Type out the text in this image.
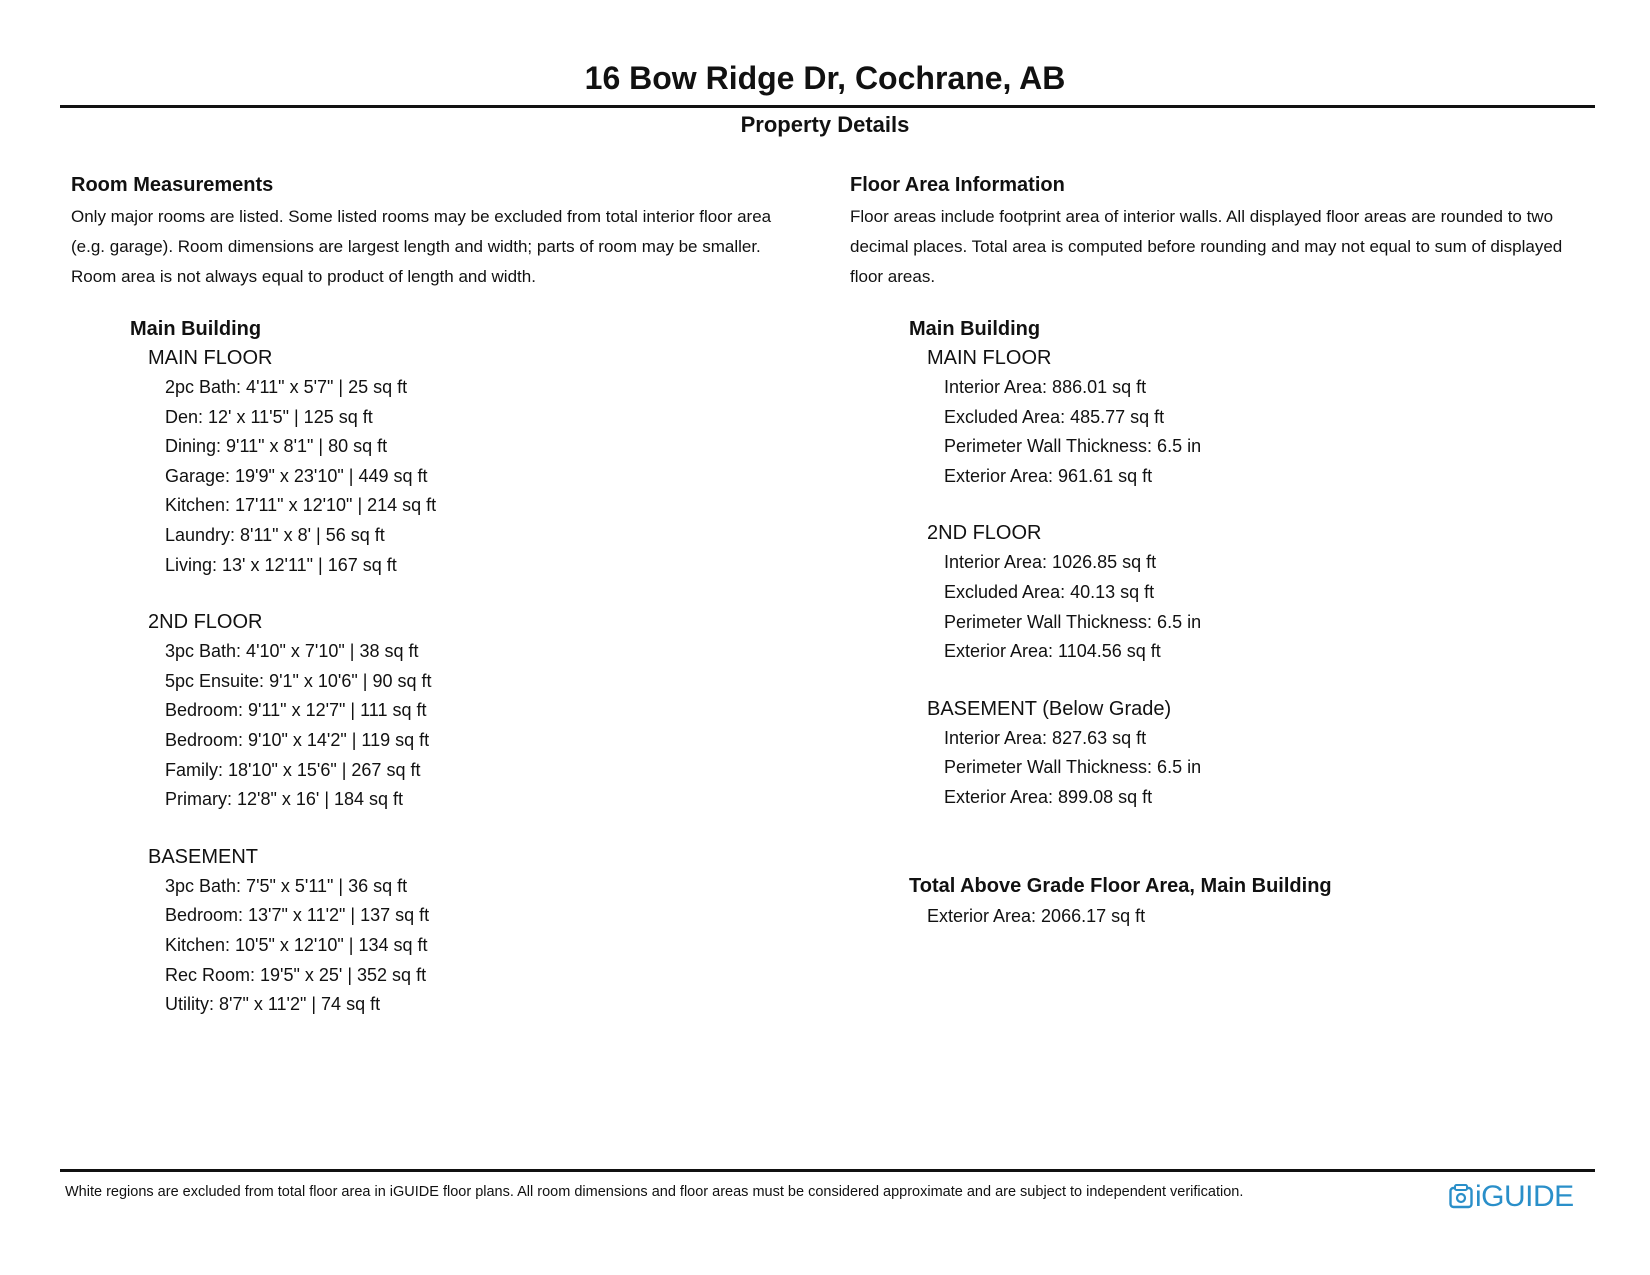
16 Bow Ridge Dr, Cochrane, AB
Property Details
Room Measurements
Only major rooms are listed. Some listed rooms may be excluded from total interior floor area
(e.g. garage). Room dimensions are largest length and width; parts of room may be smaller.
Room area is not always equal to product of length and width.
Main Building
MAIN FLOOR
2pc Bath: 4'11" x 5'7" | 25 sq ft
Den: 12' x 11'5" | 125 sq ft
Dining: 9'11" x 8'1" | 80 sq ft
Garage: 19'9" x 23'10" | 449 sq ft
Kitchen: 17'11" x 12'10" | 214 sq ft
Laundry: 8'11" x 8' | 56 sq ft
Living: 13' x 12'11" | 167 sq ft
2ND FLOOR
3pc Bath: 4'10" x 7'10" | 38 sq ft
5pc Ensuite: 9'1" x 10'6" | 90 sq ft
Bedroom: 9'11" x 12'7" | 111 sq ft
Bedroom: 9'10" x 14'2" | 119 sq ft
Family: 18'10" x 15'6" | 267 sq ft
Primary: 12'8" x 16' | 184 sq ft
BASEMENT
3pc Bath: 7'5" x 5'11" | 36 sq ft
Bedroom: 13'7" x 11'2" | 137 sq ft
Kitchen: 10'5" x 12'10" | 134 sq ft
Rec Room: 19'5" x 25' | 352 sq ft
Utility: 8'7" x 11'2" | 74 sq ft
Floor Area Information
Floor areas include footprint area of interior walls. All displayed floor areas are rounded to two
decimal places. Total area is computed before rounding and may not equal to sum of displayed
floor areas.
Main Building
MAIN FLOOR
Interior Area: 886.01 sq ft
Excluded Area: 485.77 sq ft
Perimeter Wall Thickness: 6.5 in
Exterior Area: 961.61 sq ft
2ND FLOOR
Interior Area: 1026.85 sq ft
Excluded Area: 40.13 sq ft
Perimeter Wall Thickness: 6.5 in
Exterior Area: 1104.56 sq ft
BASEMENT (Below Grade)
Interior Area: 827.63 sq ft
Perimeter Wall Thickness: 6.5 in
Exterior Area: 899.08 sq ft
Total Above Grade Floor Area, Main Building
Exterior Area: 2066.17 sq ft
White regions are excluded from total floor area in iGUIDE floor plans. All room dimensions and floor areas must be considered approximate and are subject to independent verification.	iGUIDE
